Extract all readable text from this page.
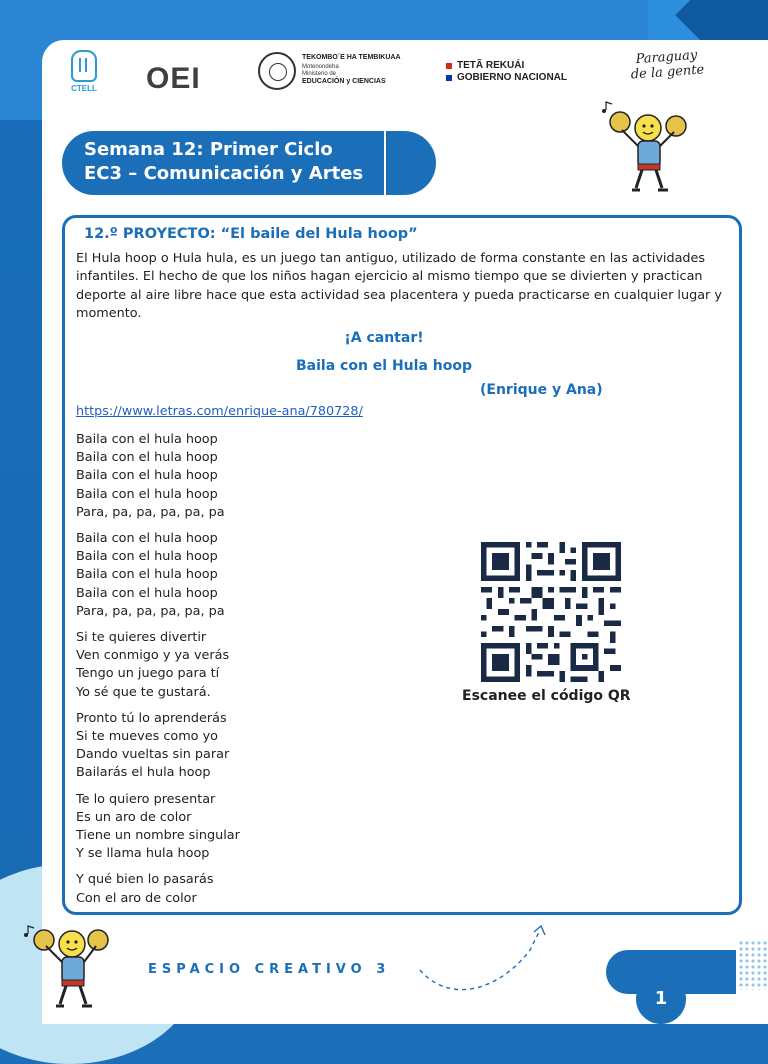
CTELL OEI
TEKOMBO´E HA TEMBIKUAA
Motenondeha
Ministerio de
EDUCACIÓN y CIENCIAS
TETÃ REKUÁI
GOBIERNO NACIONAL
Paraguay
de la gente
Semana 12: Primer Ciclo
EC3 – Comunicación y Artes
12.º PROYECTO: “El baile del Hula hoop”
El Hula hoop o Hula hula, es un juego tan antiguo, utilizado de forma constante en las actividades infantiles. El hecho de que los niños hagan ejercicio al mismo tiempo que se divierten y practican deporte al aire libre hace que esta actividad sea placentera y pueda practicarse en cualquier lugar y momento.
¡A cantar!
Baila con el Hula hoop
(Enrique y Ana)
https://www.letras.com/enrique-ana/780728/
Baila con el hula hoop
Baila con el hula hoop
Baila con el hula hoop
Baila con el hula hoop
Para, pa, pa, pa, pa, pa
Baila con el hula hoop
Baila con el hula hoop
Baila con el hula hoop
Baila con el hula hoop
Para, pa, pa, pa, pa, pa
Si te quieres divertir
Ven conmigo y ya verás
Tengo un juego para tí
Yo sé que te gustará.
Pronto tú lo aprenderás
Si te mueves como yo
Dando vueltas sin parar
Bailarás el hula hoop
Te lo quiero presentar
Es un aro de color
Tiene un nombre singular
Y se llama hula hoop
Y qué bien lo pasarás
Con el aro de color
Escanee el código QR
ESPACIO CREATIVO 3
1
